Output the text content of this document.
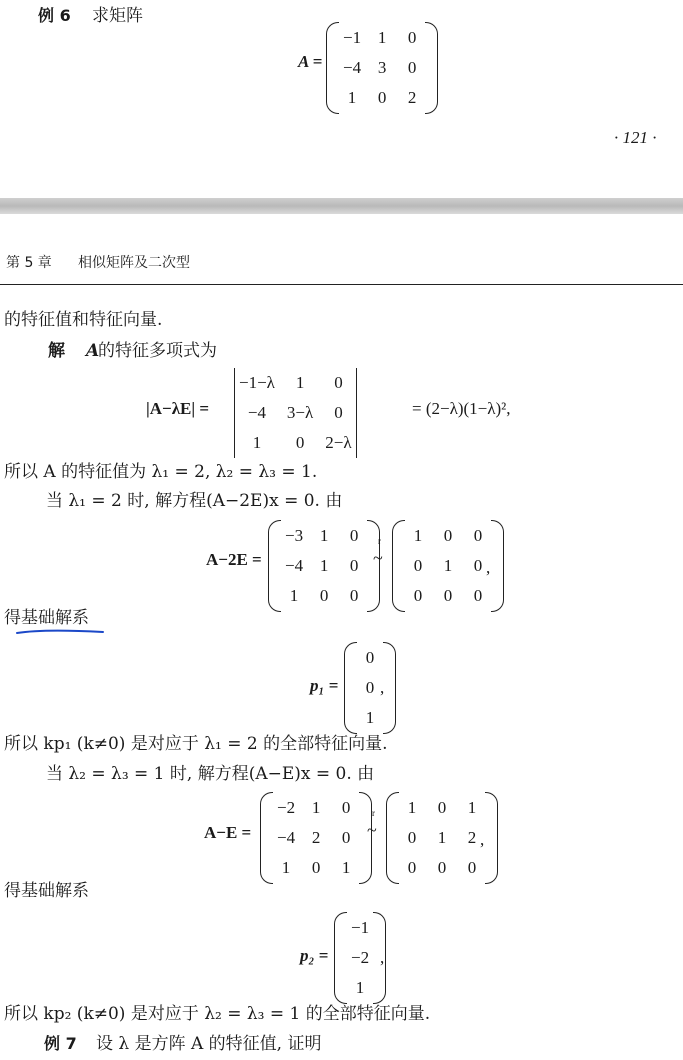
例 6 求矩阵
A =
−1 1 0
−4 3 0
1 0 2
· 121 ·
第 5 章 相似矩阵及二次型
的特征值和特征向量.
解 A
的特征多项式为
|A−λE| =
−1−λ	1	0
−4	3−λ	0
1	0	2−λ
= (2−λ)(1−λ)²,
所以 A 的特征值为 λ₁ = 2, λ₂ = λ₃ = 1.
当 λ₁ = 2 时, 解方程(A−2E)x = 0. 由
A−2E =
−3 1 0
−4 1 0
1 0 0
~
r 1 0 0
0 1 0
0 0 0
,
得基础解系
p₁ =
0
0
1
,
所以 kp₁ (k≠0) 是对应于 λ₁ = 2 的全部特征向量.
当 λ₂ = λ₃ = 1 时, 解方程(A−E)x = 0. 由
A−E =
−2 1 0
−4 2 0
1 0 1
~
r 1 0 1
0 1 2
0 0 0
,
得基础解系
p₂ =
−1
−2
1
,
所以 kp₂ (k≠0) 是对应于 λ₂ = λ₃ = 1 的全部特征向量.
例 7 设 λ 是方阵 A 的特征值, 证明
